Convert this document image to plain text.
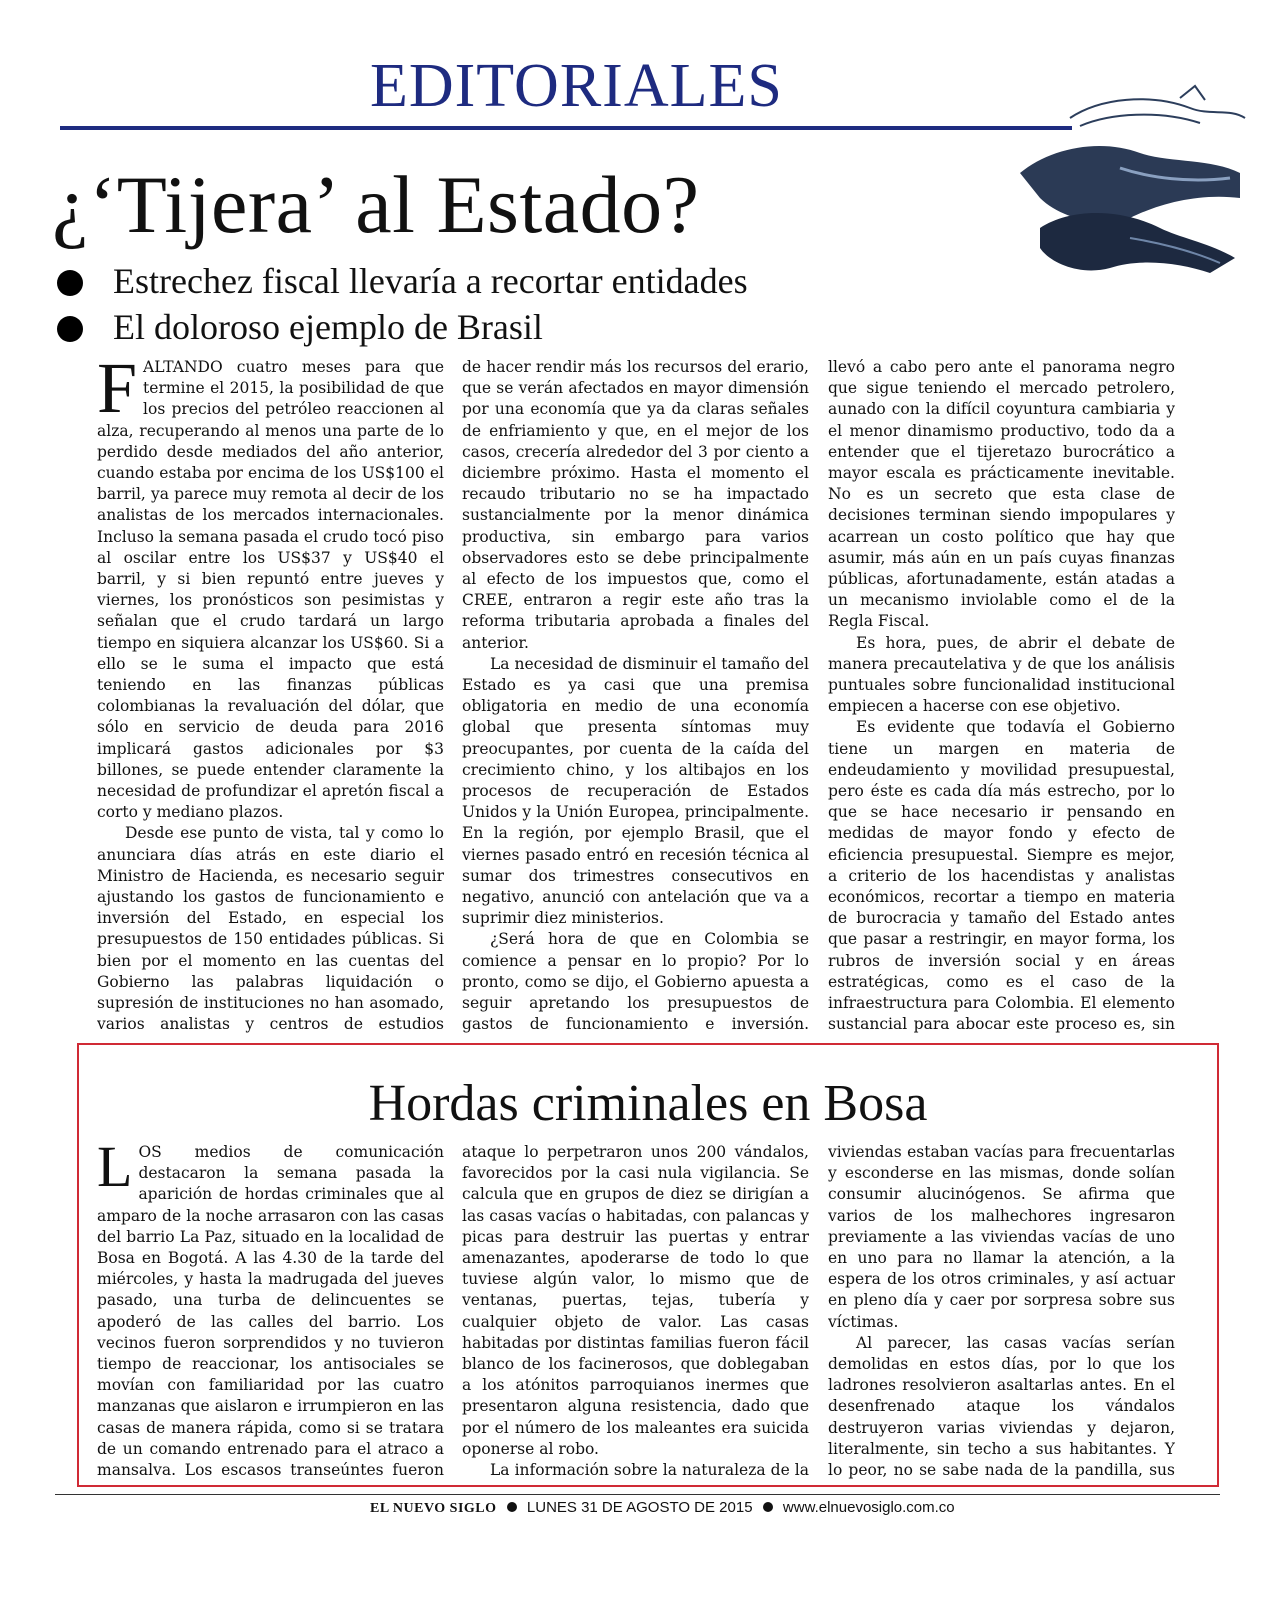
EDITORIALES
¿‘Tijera’ al Estado?
Estrechez fiscal llevaría a recortar entidades
El doloroso ejemplo de Brasil

FALTANDO cuatro meses para que termine el 2015, la posibilidad de que los precios del petróleo reaccionen al alza, recuperando al menos una parte de lo perdido desde mediados del año anterior, cuando estaba por encima de los US$100 el barril, ya parece muy remota al decir de los analistas de los mercados internacionales. Incluso la semana pasada el crudo tocó piso al oscilar entre los US$37 y US$40 el barril, y si bien repuntó entre jueves y viernes, los pronósticos son pesimistas y señalan que el crudo tardará un largo tiempo en siquiera alcanzar los US$60. Si a ello se le suma el impacto que está teniendo en las finanzas públicas colombianas la revaluación del dólar, que sólo en servicio de deuda para 2016 implicará gastos adicionales por $3 billones, se puede entender claramente la necesidad de profundizar el apretón fiscal a corto y mediano plazos.

Desde ese punto de vista, tal y como lo anunciara días atrás en este diario el Ministro de Hacienda, es necesario seguir ajustando los gastos de funcionamiento e inversión del Estado, en especial los presupuestos de 150 entidades públicas. Si bien por el momento en las cuentas del Gobierno las palabras liquidación o supresión de instituciones no han asomado, varios analistas y centros de estudios

de hacer rendir más los recursos del erario, que se verán afectados en mayor dimensión por una economía que ya da claras señales de enfriamiento y que, en el mejor de los casos, crecería alrededor del 3 por ciento a diciembre próximo. Hasta el momento el recaudo tributario no se ha impactado sustancialmente por la menor dinámica productiva, sin embargo para varios observadores esto se debe principalmente al efecto de los impuestos que, como el CREE, entraron a regir este año tras la reforma tributaria aprobada a finales del anterior.

La necesidad de disminuir el tamaño del Estado es ya casi que una premisa obligatoria en medio de una economía global que presenta síntomas muy preocupantes, por cuenta de la caída del crecimiento chino, y los altibajos en los procesos de recuperación de Estados Unidos y la Unión Europea, principalmente. En la región, por ejemplo Brasil, que el viernes pasado entró en recesión técnica al sumar dos trimestres consecutivos en negativo, anunció con antelación que va a suprimir diez ministerios.

¿Será hora de que en Colombia se comience a pensar en lo propio? Por lo pronto, como se dijo, el Gobierno apuesta a seguir apretando los presupuestos de gastos de funcionamiento e inversión.

llevó a cabo pero ante el panorama negro que sigue teniendo el mercado petrolero, aunado con la difícil coyuntura cambiaria y el menor dinamismo productivo, todo da a entender que el tijeretazo burocrático a mayor escala es prácticamente inevitable. No es un secreto que esta clase de decisiones terminan siendo impopulares y acarrean un costo político que hay que asumir, más aún en un país cuyas finanzas públicas, afortunadamente, están atadas a un mecanismo inviolable como el de la Regla Fiscal.

Es hora, pues, de abrir el debate de manera precautelativa y de que los análisis puntuales sobre funcionalidad institucional empiecen a hacerse con ese objetivo.

Es evidente que todavía el Gobierno tiene un margen en materia de endeudamiento y movilidad presupuestal, pero éste es cada día más estrecho, por lo que se hace necesario ir pensando en medidas de mayor fondo y efecto de eficiencia presupuestal. Siempre es mejor, a criterio de los hacendistas y analistas económicos, recortar a tiempo en materia de burocracia y tamaño del Estado antes que pasar a restringir, en mayor forma, los rubros de inversión social y en áreas estratégicas, como es el caso de la infraestructura para Colombia. El elemento sustancial para abocar este proceso es, sin

Hordas criminales en Bosa

LOS medios de comunicación destacaron la semana pasada la aparición de hordas criminales que al amparo de la noche arrasaron con las casas del barrio La Paz, situado en la localidad de Bosa en Bogotá. A las 4.30 de la tarde del miércoles, y hasta la madrugada del jueves pasado, una turba de delincuentes se apoderó de las calles del barrio. Los vecinos fueron sorprendidos y no tuvieron tiempo de reaccionar, los antisociales se movían con familiaridad por las cuatro manzanas que aislaron e irrumpieron en las casas de manera rápida, como si se tratara de un comando entrenado para el atraco a mansalva. Los escasos transeúntes fueron

ataque lo perpetraron unos 200 vándalos, favorecidos por la casi nula vigilancia. Se calcula que en grupos de diez se dirigían a las casas vacías o habitadas, con palancas y picas para destruir las puertas y entrar amenazantes, apoderarse de todo lo que tuviese algún valor, lo mismo que de ventanas, puertas, tejas, tubería y cualquier objeto de valor. Las casas habitadas por distintas familias fueron fácil blanco de los facinerosos, que doblegaban a los atónitos parroquianos inermes que presentaron alguna resistencia, dado que por el número de los maleantes era suicida oponerse al robo.

La información sobre la naturaleza de la

viviendas estaban vacías para frecuentarlas y esconderse en las mismas, donde solían consumir alucinógenos. Se afirma que varios de los malhechores ingresaron previamente a las viviendas vacías de uno en uno para no llamar la atención, a la espera de los otros criminales, y así actuar en pleno día y caer por sorpresa sobre sus víctimas.

Al parecer, las casas vacías serían demolidas en estos días, por lo que los ladrones resolvieron asaltarlas antes. En el desenfrenado ataque los vándalos destruyeron varias viviendas y dejaron, literalmente, sin techo a sus habitantes. Y lo peor, no se sabe nada de la pandilla, sus

EL NUEVO SIGLO LUNES 31 DE AGOSTO DE 2015 www.elnuevosiglo.com.co
